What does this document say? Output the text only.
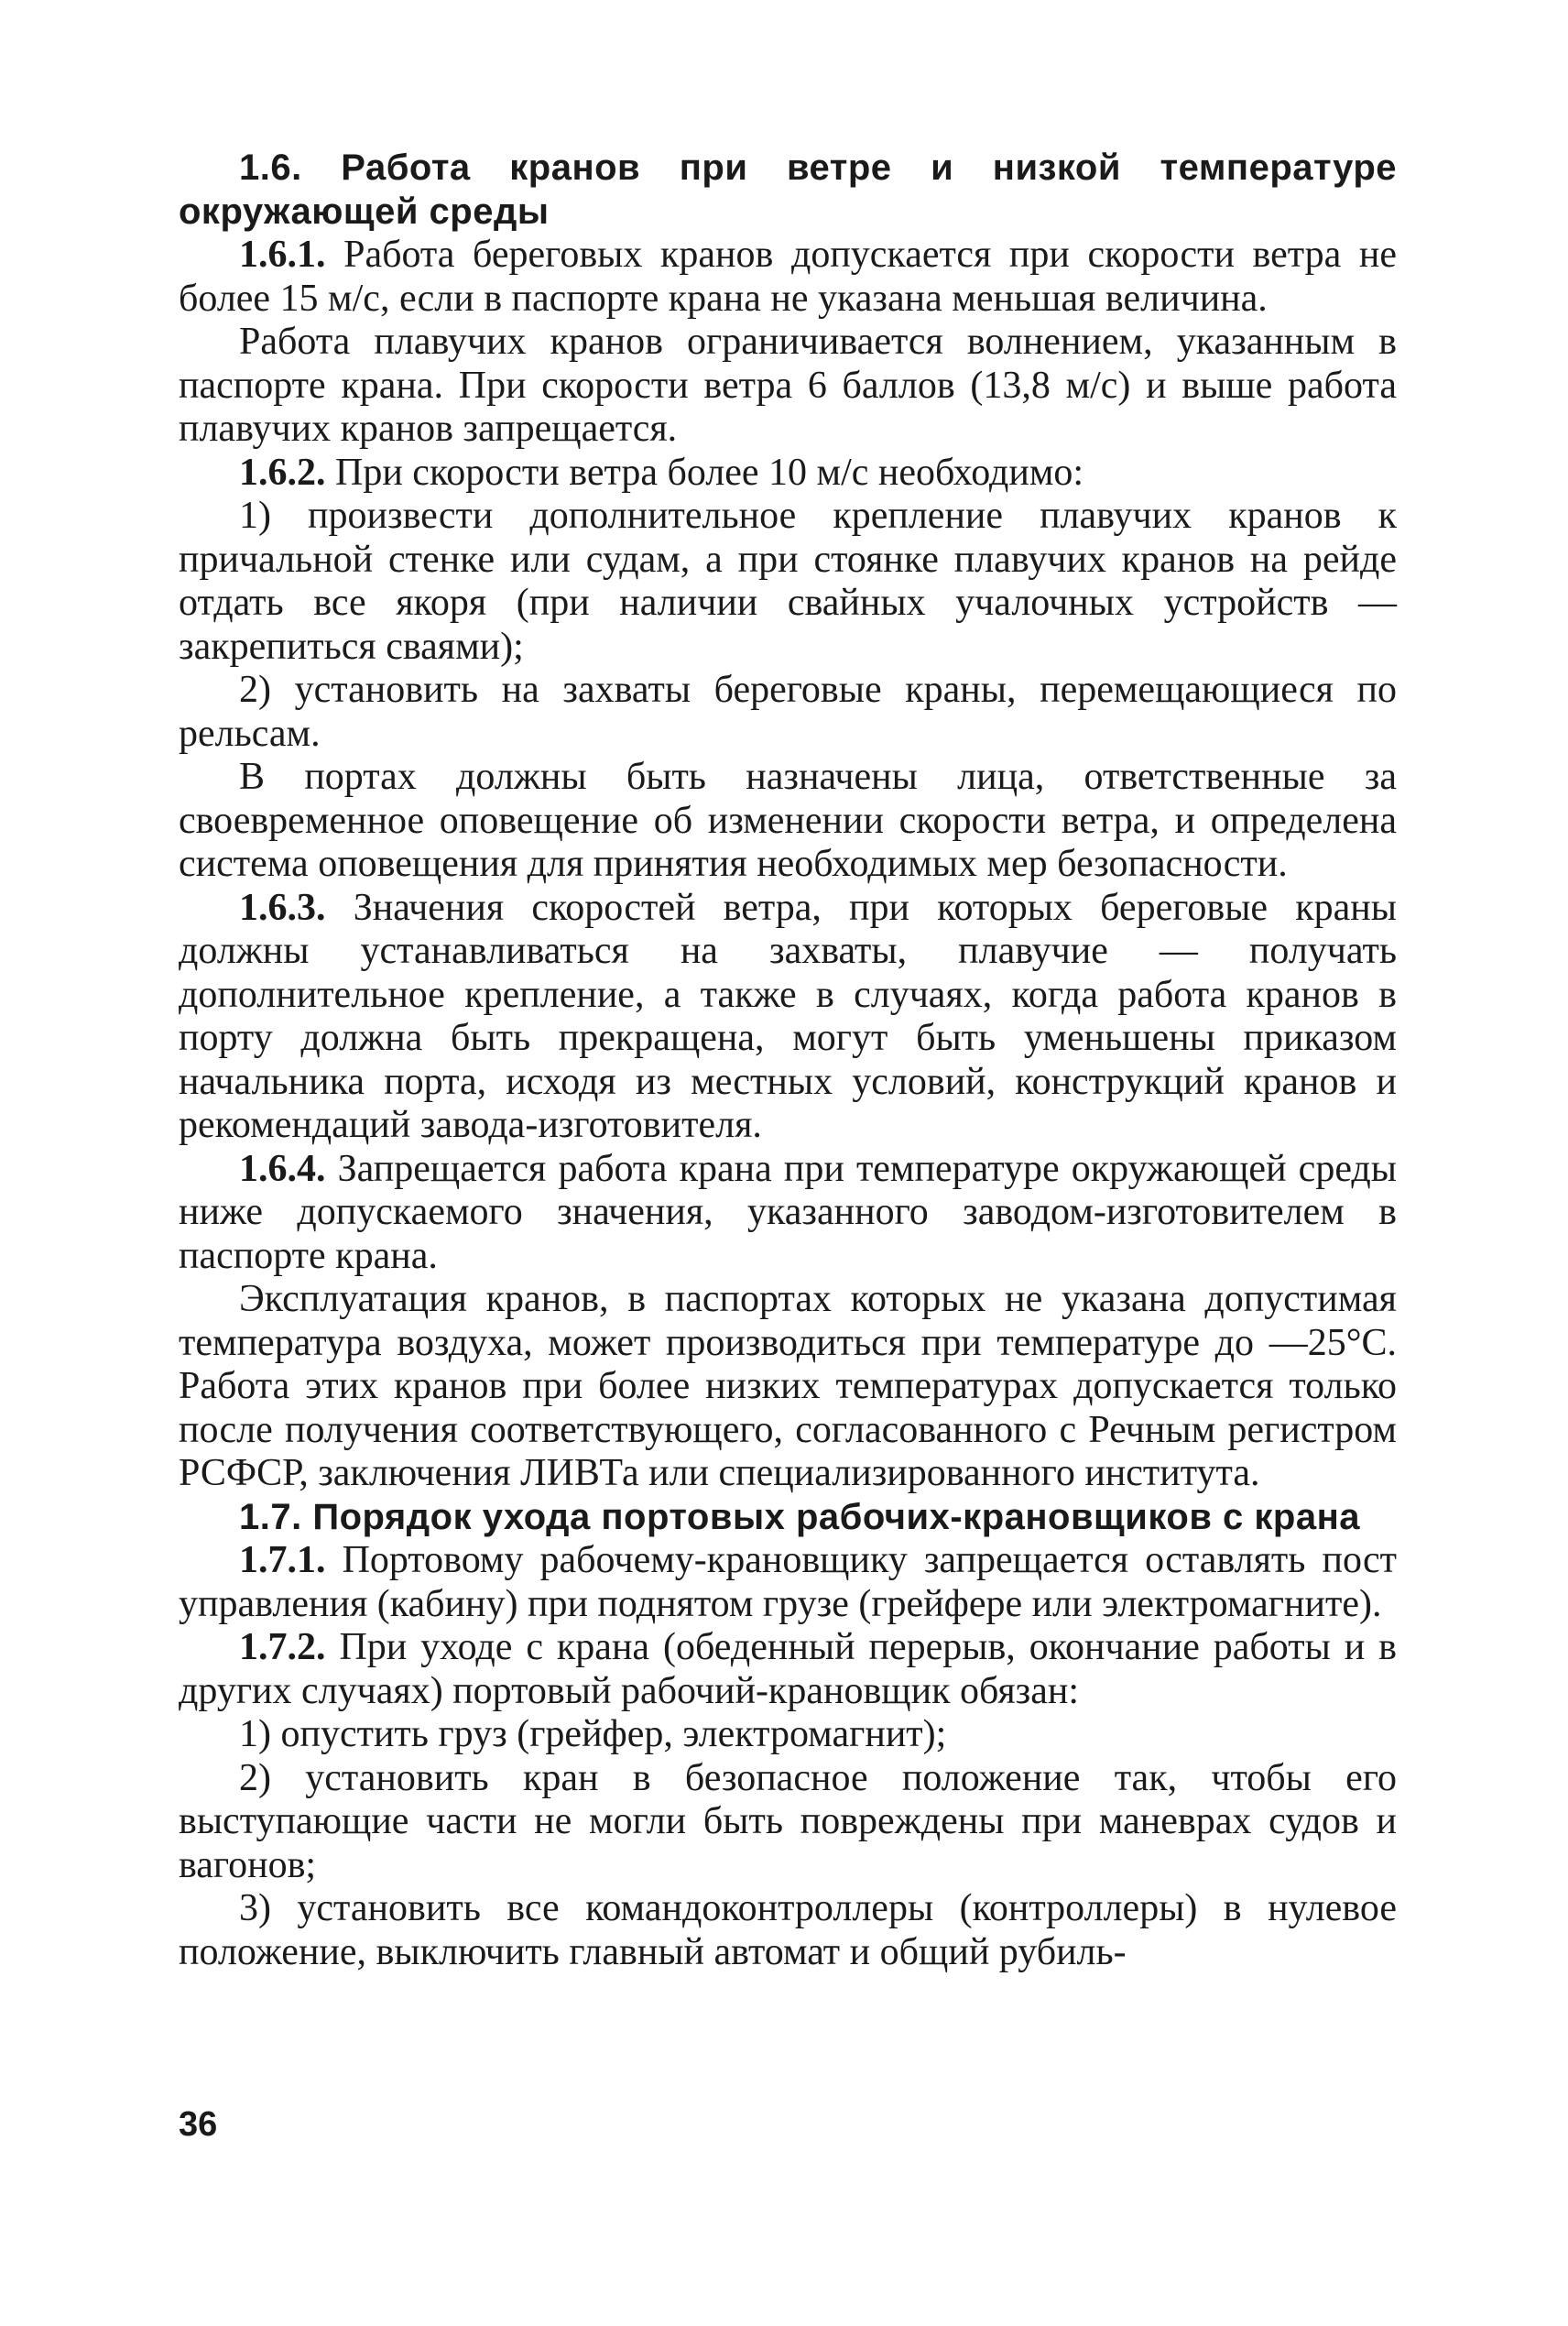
1.6. Работа кранов при ветре и низкой температуре окружающей среды

1.6.1. Работа береговых кранов допускается при скорости ветра не более 15 м/с, если в паспорте крана не указана меньшая величина.

Работа плавучих кранов ограничивается волнением, указанным в паспорте крана. При скорости ветра 6 баллов (13,8 м/с) и выше работа плавучих кранов запрещается.

1.6.2. При скорости ветра более 10 м/с необходимо:

1) произвести дополнительное крепление плавучих кранов к причальной стенке или судам, а при стоянке плавучих кранов на рейде отдать все якоря (при наличии свайных учалочных устройств — закрепиться сваями);

2) установить на захваты береговые краны, перемещающиеся по рельсам.

В портах должны быть назначены лица, ответственные за своевременное оповещение об изменении скорости ветра, и определена система оповещения для принятия необходимых мер безопасности.

1.6.3. Значения скоростей ветра, при которых береговые краны должны устанавливаться на захваты, плавучие — получать дополнительное крепление, а также в случаях, когда работа кранов в порту должна быть прекращена, могут быть уменьшены приказом начальника порта, исходя из местных условий, конструкций кранов и рекомендаций завода-изготовителя.

1.6.4. Запрещается работа крана при температуре окружающей среды ниже допускаемого значения, указанного заводом-изготовителем в паспорте крана.

Эксплуатация кранов, в паспортах которых не указана допустимая температура воздуха, может производиться при температуре до —25°С. Работа этих кранов при более низких температурах допускается только после получения соответствующего, согласованного с Речным регистром РСФСР, заключения ЛИВТа или специализированного института.

1.7. Порядок ухода портовых рабочих-крановщиков с крана

1.7.1. Портовому рабочему-крановщику запрещается оставлять пост управления (кабину) при поднятом грузе (грейфере или электромагните).

1.7.2. При уходе с крана (обеденный перерыв, окончание работы и в других случаях) портовый рабочий-крановщик обязан:

1) опустить груз (грейфер, электромагнит);

2) установить кран в безопасное положение так, чтобы его выступающие части не могли быть повреждены при маневрах судов и вагонов;

3) установить все командоконтроллеры (контроллеры) в нулевое положение, выключить главный автомат и общий рубиль-

36
